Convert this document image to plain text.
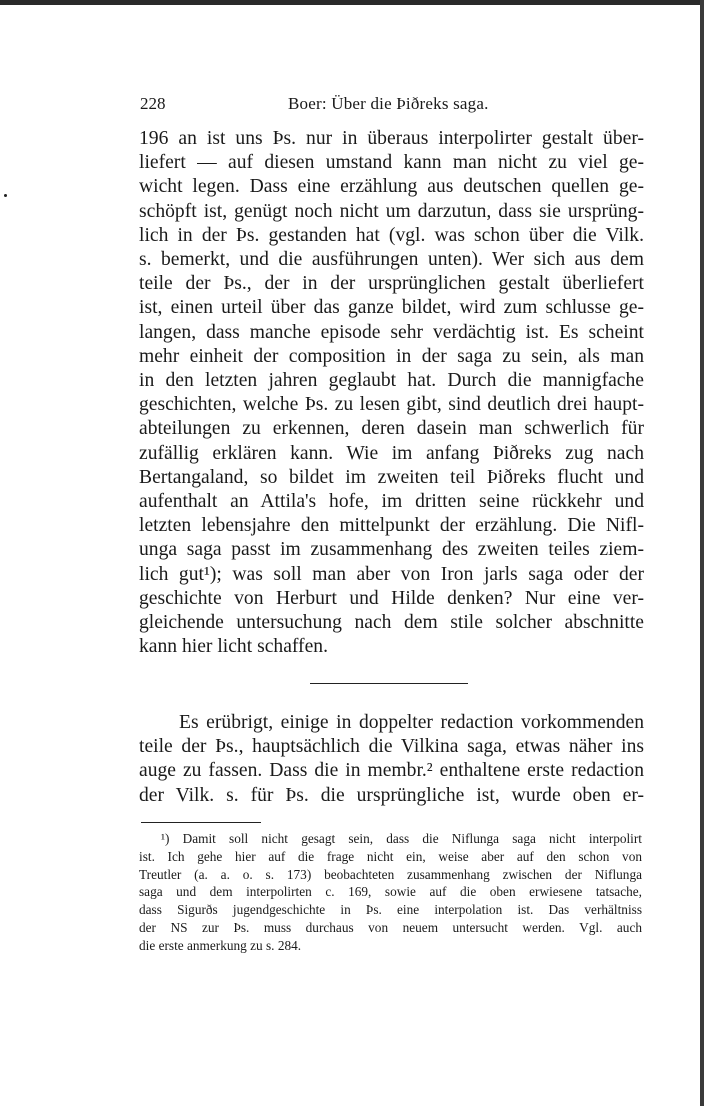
228	Boer: Über die Þiðreks saga.
196 an ist uns Þs. nur in überaus interpolirter gestalt über-
liefert — auf diesen umstand kann man nicht zu viel ge-
wicht legen. Dass eine erzählung aus deutschen quellen ge-
schöpft ist, genügt noch nicht um darzutun, dass sie ursprüng-
lich in der Þs. gestanden hat (vgl. was schon über die Vilk.
s. bemerkt, und die ausführungen unten). Wer sich aus dem
teile der Þs., der in der ursprünglichen gestalt überliefert
ist, einen urteil über das ganze bildet, wird zum schlusse ge-
langen, dass manche episode sehr verdächtig ist. Es scheint
mehr einheit der composition in der saga zu sein, als man
in den letzten jahren geglaubt hat. Durch die mannigfache
geschichten, welche Þs. zu lesen gibt, sind deutlich drei haupt-
abteilungen zu erkennen, deren dasein man schwerlich für
zufällig erklären kann. Wie im anfang Þiðreks zug nach
Bertangaland, so bildet im zweiten teil Þiðreks flucht und
aufenthalt an Attila's hofe, im dritten seine rückkehr und
letzten lebensjahre den mittelpunkt der erzählung. Die Nifl-
unga saga passt im zusammenhang des zweiten teiles ziem-
lich gut¹); was soll man aber von Iron jarls saga oder der
geschichte von Herburt und Hilde denken? Nur eine ver-
gleichende untersuchung nach dem stile solcher abschnitte
kann hier licht schaffen.
Es erübrigt, einige in doppelter redaction vorkommenden
teile der Þs., hauptsächlich die Vilkina saga, etwas näher ins
auge zu fassen. Dass die in membr.² enthaltene erste redaction
der Vilk. s. für Þs. die ursprüngliche ist, wurde oben er-
¹) Damit soll nicht gesagt sein, dass die Niflunga saga nicht interpolirt
ist. Ich gehe hier auf die frage nicht ein, weise aber auf den schon von
Treutler (a. a. o. s. 173) beobachteten zusammenhang zwischen der Niflunga
saga und dem interpolirten c. 169, sowie auf die oben erwiesene tatsache,
dass Sigurðs jugendgeschichte in Þs. eine interpolation ist. Das verhältniss
der NS zur Þs. muss durchaus von neuem untersucht werden. Vgl. auch
die erste anmerkung zu s. 284.
